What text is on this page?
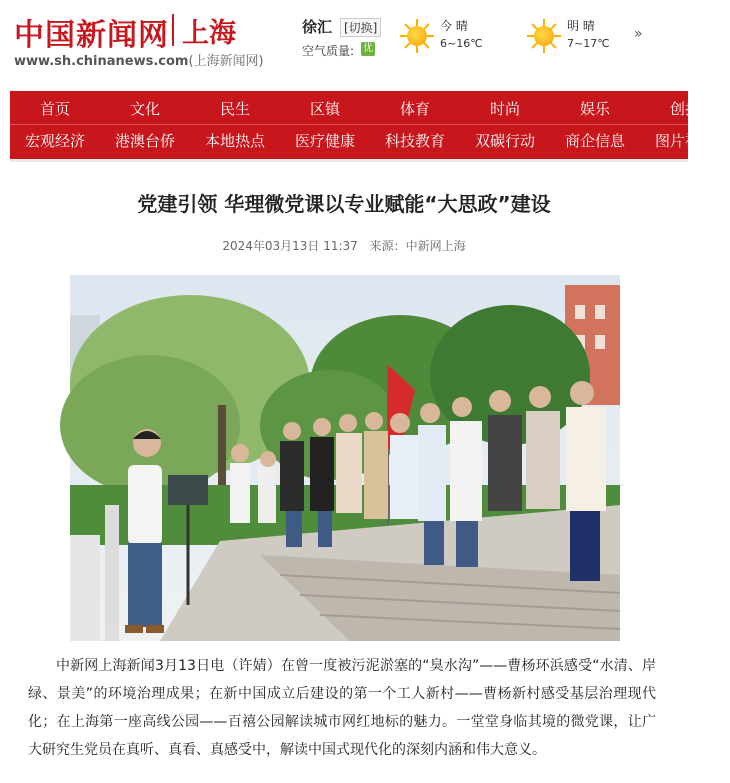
中国新闻网 上海
www.sh.chinanews.com(上海新闻网)
徐汇 [切换]
空气质量: 优
今 晴
6~16℃
明 晴
7~17℃
»
首页	文化	民生	区镇	体育	时尚	娱乐	创投
宏观经济	港澳台侨	本地热点	医疗健康	科技教育	双碳行动	商企信息	图片视频
党建引领 华理微党课以专业赋能“大思政”建设
2024年03月13日 11:37 来源：中新网上海

中新网上海新闻3月13日电（许婧）在曾一度被污泥淤塞的“臭水沟”——曹杨环浜感受“水清、岸绿、景美”的环境治理成果；在新中国成立后建设的第一个工人新村——曹杨新村感受基层治理现代化；在上海第一座高线公园——百禧公园解读城市网红地标的魅力。一堂堂身临其境的微党课，让广大研究生党员在真听、真看、真感受中，解读中国式现代化的深刻内涵和伟大意义。
